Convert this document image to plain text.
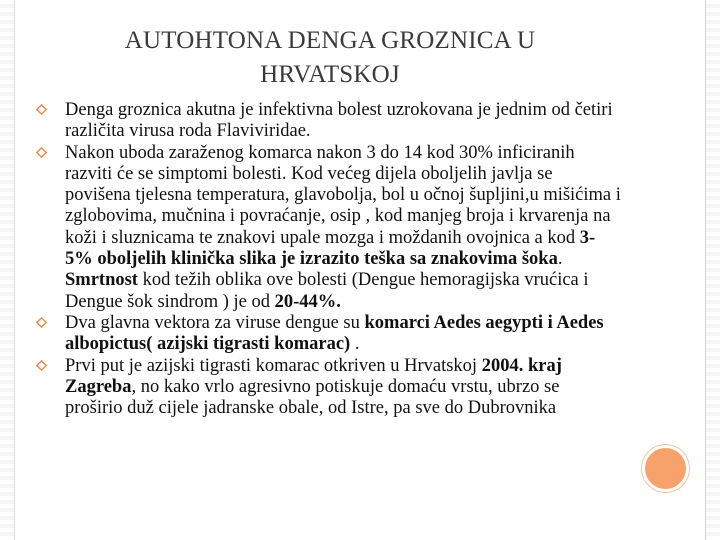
AUTOHTONA DENGA GROZNICA U
HRVATSKOJ
Denga groznica akutna je infektivna bolest uzrokovana je jednim od četiri različita virusa roda Flaviviridae.
Nakon uboda zaraženog komarca nakon 3 do 14 kod 30% inficiranih razviti će se simptomi bolesti. Kod većeg dijela oboljelih javlja se povišena tjelesna temperatura, glavobolja, bol u očnoj šupljini,u mišićima i zglobovima, mučnina i povraćanje, osip , kod manjeg broja i krvarenja na koži i sluznicama te znakovi upale mozga i moždanih ovojnica a kod 3-5% oboljelih klinička slika je izrazito teška sa znakovima šoka. Smrtnost kod težih oblika ove bolesti (Dengue hemoragijska vrućica i Dengue šok sindrom ) je od 20-44%.
Dva glavna vektora za viruse dengue su komarci Aedes aegypti i Aedes albopictus( azijski tigrasti komarac) .
Prvi put je azijski tigrasti komarac otkriven u Hrvatskoj 2004. kraj Zagreba, no kako vrlo agresivno potiskuje domaću vrstu, ubrzo se proširio duž cijele jadranske obale, od Istre, pa sve do Dubrovnika
